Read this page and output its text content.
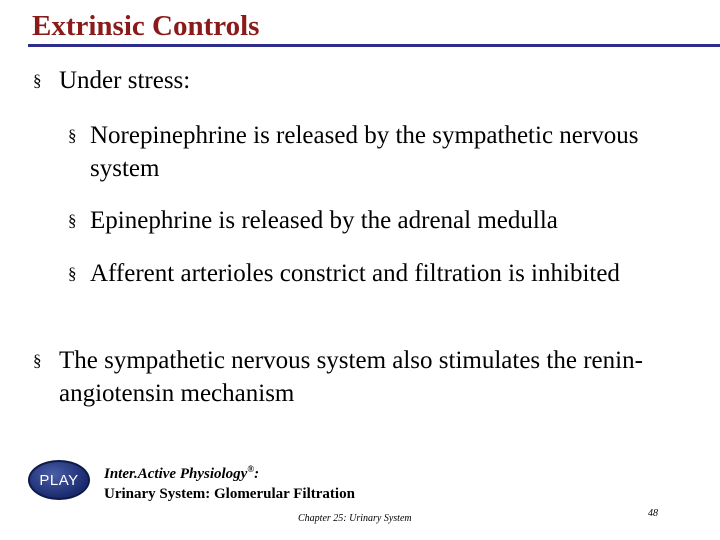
Extrinsic Controls
§ Under stress:
§ Norepinephrine is released by the sympathetic nervous system
§ Epinephrine is released by the adrenal medulla
§ Afferent arterioles constrict and filtration is inhibited
§ The sympathetic nervous system also stimulates the renin-angiotensin mechanism
PLAY Inter.Active Physiology®:
Urinary System: Glomerular Filtration
Chapter 25: Urinary System	48
